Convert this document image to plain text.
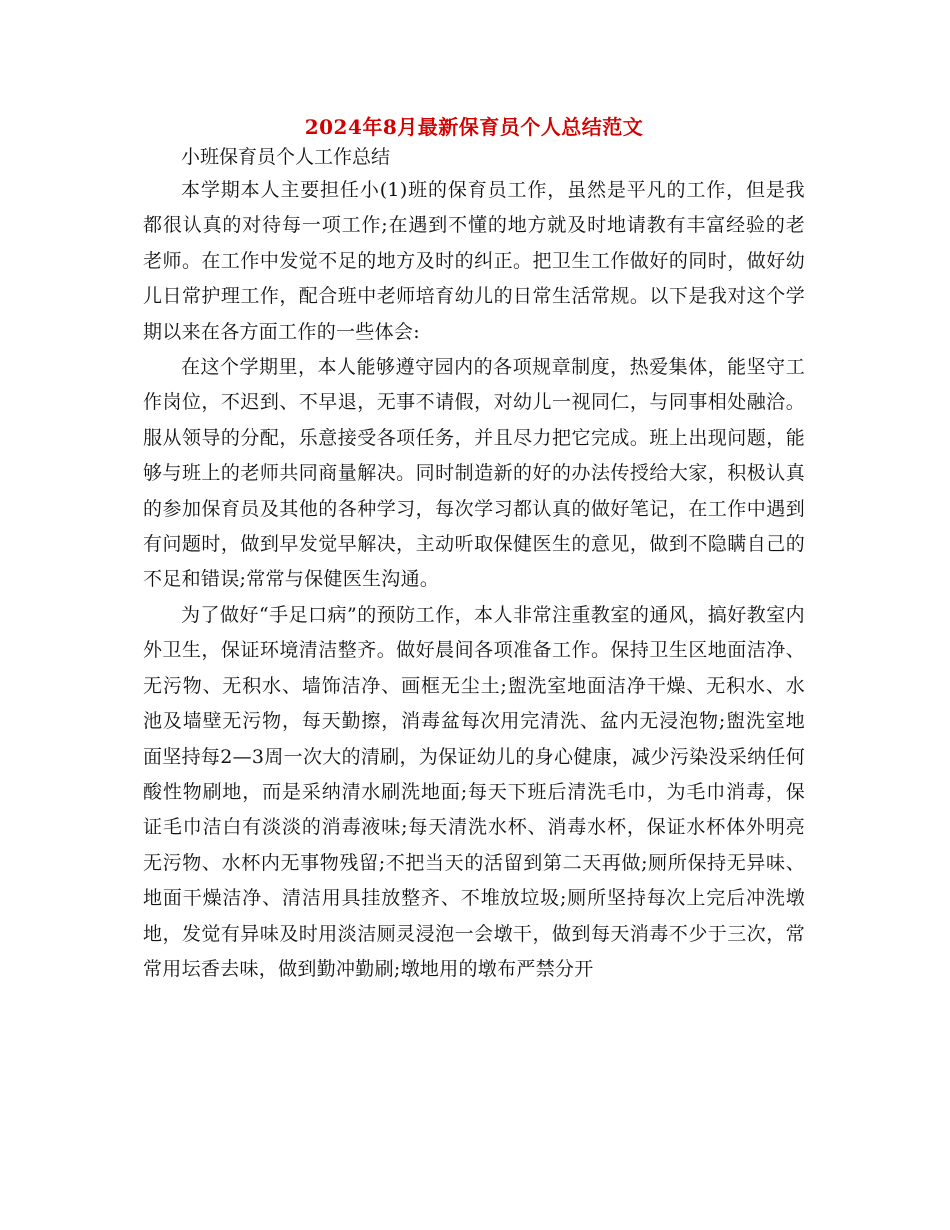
2024年8月最新保育员个人总结范文

小班保育员个人工作总结

本学期本人主要担任小(1)班的保育员工作，虽然是平凡的工作，但是我都很认真的对待每一项工作;在遇到不懂的地方就及时地请教有丰富经验的老老师。在工作中发觉不足的地方及时的纠正。把卫生工作做好的同时，做好幼儿日常护理工作，配合班中老师培育幼儿的日常生活常规。以下是我对这个学期以来在各方面工作的一些体会:

在这个学期里，本人能够遵守园内的各项规章制度，热爱集体，能坚守工作岗位，不迟到、不早退，无事不请假，对幼儿一视同仁，与同事相处融洽。服从领导的分配，乐意接受各项任务，并且尽力把它完成。班上出现问题，能够与班上的老师共同商量解决。同时制造新的好的办法传授给大家，积极认真的参加保育员及其他的各种学习，每次学习都认真的做好笔记，在工作中遇到有问题时，做到早发觉早解决，主动听取保健医生的意见，做到不隐瞒自己的不足和错误;常常与保健医生沟通。

为了做好“手足口病”的预防工作，本人非常注重教室的通风，搞好教室内外卫生，保证环境清洁整齐。做好晨间各项准备工作。保持卫生区地面洁净、无污物、无积水、墙饰洁净、画框无尘土;盥洗室地面洁净干燥、无积水、水池及墙壁无污物，每天勤擦，消毒盆每次用完清洗、盆内无浸泡物;盥洗室地面坚持每2—3周一次大的清刷，为保证幼儿的身心健康，减少污染没采纳任何酸性物刷地，而是采纳清水刷洗地面;每天下班后清洗毛巾，为毛巾消毒，保证毛巾洁白有淡淡的消毒液味;每天清洗水杯、消毒水杯，保证水杯体外明亮无污物、水杯内无事物残留;不把当天的活留到第二天再做;厕所保持无异味、地面干燥洁净、清洁用具挂放整齐、不堆放垃圾;厕所坚持每次上完后冲洗墩地，发觉有异味及时用淡洁厕灵浸泡一会墩干，做到每天消毒不少于三次，常常用坛香去味，做到勤冲勤刷;墩地用的墩布严禁分开
